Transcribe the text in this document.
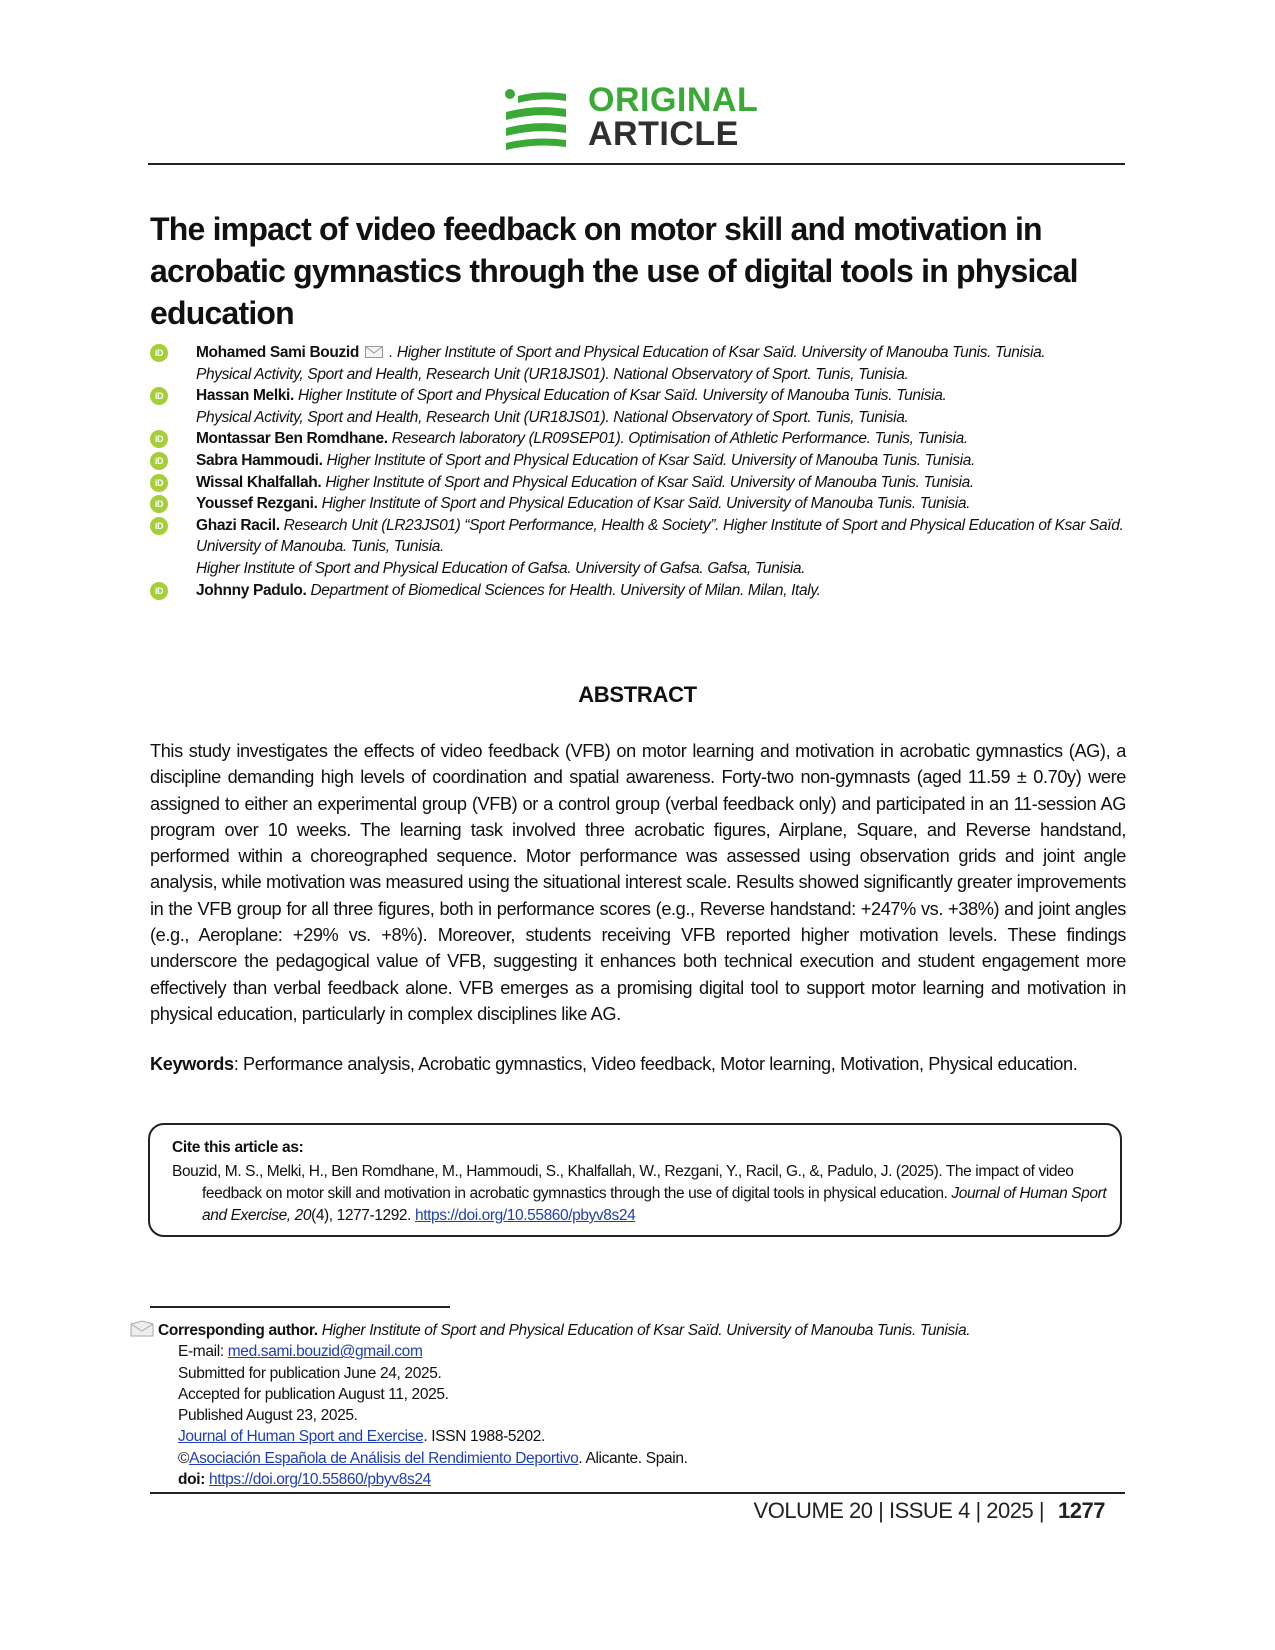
ORIGINAL
ARTICLE
The impact of video feedback on motor skill and motivation in acrobatic gymnastics through the use of digital tools in physical education
iD	Mohamed Sami Bouzid . Higher Institute of Sport and Physical Education of Ksar Saïd. University of Manouba Tunis. Tunisia.
Physical Activity, Sport and Health, Research Unit (UR18JS01). National Observatory of Sport. Tunis, Tunisia.
iD	Hassan Melki. Higher Institute of Sport and Physical Education of Ksar Saïd. University of Manouba Tunis. Tunisia.
Physical Activity, Sport and Health, Research Unit (UR18JS01). National Observatory of Sport. Tunis, Tunisia.
iD	Montassar Ben Romdhane. Research laboratory (LR09SEP01). Optimisation of Athletic Performance. Tunis, Tunisia.
iD	Sabra Hammoudi. Higher Institute of Sport and Physical Education of Ksar Saïd. University of Manouba Tunis. Tunisia.
iD	Wissal Khalfallah. Higher Institute of Sport and Physical Education of Ksar Saïd. University of Manouba Tunis. Tunisia.
iD	Youssef Rezgani. Higher Institute of Sport and Physical Education of Ksar Saïd. University of Manouba Tunis. Tunisia.
iD	Ghazi Racil. Research Unit (LR23JS01) “Sport Performance, Health & Society”. Higher Institute of Sport and Physical Education of Ksar Saïd. University of Manouba. Tunis, Tunisia.
Higher Institute of Sport and Physical Education of Gafsa. University of Gafsa. Gafsa, Tunisia.
iD	Johnny Padulo. Department of Biomedical Sciences for Health. University of Milan. Milan, Italy.
ABSTRACT
This study investigates the effects of video feedback (VFB) on motor learning and motivation in acrobatic gymnastics (AG), a discipline demanding high levels of coordination and spatial awareness. Forty-two non-gymnasts (aged 11.59 ± 0.70y) were assigned to either an experimental group (VFB) or a control group (verbal feedback only) and participated in an 11-session AG program over 10 weeks. The learning task involved three acrobatic figures, Airplane, Square, and Reverse handstand, performed within a choreographed sequence. Motor performance was assessed using observation grids and joint angle analysis, while motivation was measured using the situational interest scale. Results showed significantly greater improvements in the VFB group for all three figures, both in performance scores (e.g., Reverse handstand: +247% vs. +38%) and joint angles (e.g., Aeroplane: +29% vs. +8%). Moreover, students receiving VFB reported higher motivation levels. These findings underscore the pedagogical value of VFB, suggesting it enhances both technical execution and student engagement more effectively than verbal feedback alone. VFB emerges as a promising digital tool to support motor learning and motivation in physical education, particularly in complex disciplines like AG.
Keywords: Performance analysis, Acrobatic gymnastics, Video feedback, Motor learning, Motivation, Physical education.
Cite this article as:
Bouzid, M. S., Melki, H., Ben Romdhane, M., Hammoudi, S., Khalfallah, W., Rezgani, Y., Racil, G., &, Padulo, J. (2025). The impact of video feedback on motor skill and motivation in acrobatic gymnastics through the use of digital tools in physical education. Journal of Human Sport and Exercise, 20(4), 1277-1292. https://doi.org/10.55860/pbyv8s24
Corresponding author. Higher Institute of Sport and Physical Education of Ksar Saïd. University of Manouba Tunis. Tunisia.
E-mail: med.sami.bouzid@gmail.com
Submitted for publication June 24, 2025.
Accepted for publication August 11, 2025.
Published August 23, 2025.
Journal of Human Sport and Exercise. ISSN 1988-5202.
©Asociación Española de Análisis del Rendimiento Deportivo. Alicante. Spain.
doi: https://doi.org/10.55860/pbyv8s24
VOLUME 20 | ISSUE 4 | 2025 | 1277
